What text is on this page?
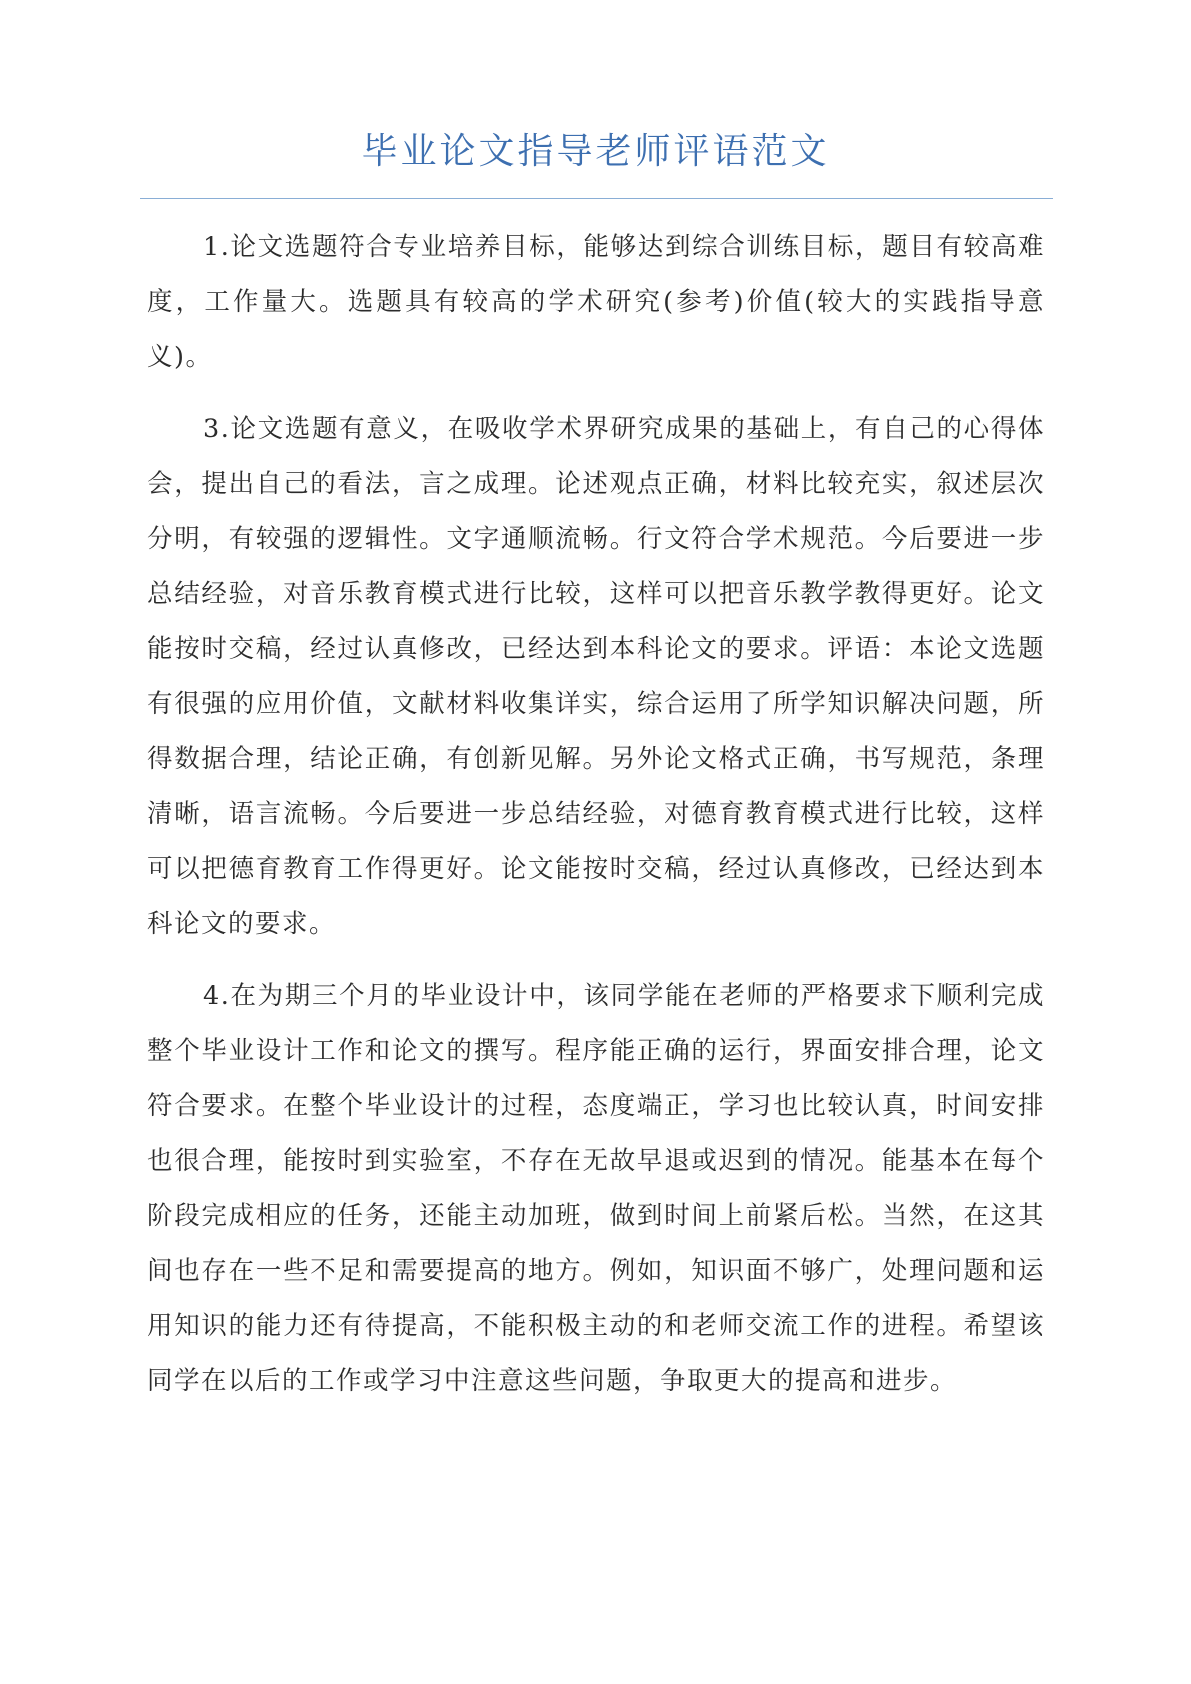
毕业论文指导老师评语范文

1.论文选题符合专业培养目标，能够达到综合训练目标，题目有较高难度，工作量大。选题具有较高的学术研究(参考)价值(较大的实践指导意义)。

3.论文选题有意义，在吸收学术界研究成果的基础上，有自己的心得体会，提出自己的看法，言之成理。论述观点正确，材料比较充实，叙述层次分明，有较强的逻辑性。文字通顺流畅。行文符合学术规范。今后要进一步总结经验，对音乐教育模式进行比较，这样可以把音乐教学教得更好。论文能按时交稿，经过认真修改，已经达到本科论文的要求。评语：本论文选题有很强的应用价值，文献材料收集详实，综合运用了所学知识解决问题，所得数据合理，结论正确，有创新见解。另外论文格式正确，书写规范，条理清晰，语言流畅。今后要进一步总结经验，对德育教育模式进行比较，这样可以把德育教育工作得更好。论文能按时交稿，经过认真修改，已经达到本科论文的要求。

4.在为期三个月的毕业设计中，该同学能在老师的严格要求下顺利完成整个毕业设计工作和论文的撰写。程序能正确的运行，界面安排合理，论文符合要求。在整个毕业设计的过程，态度端正，学习也比较认真，时间安排也很合理，能按时到实验室，不存在无故早退或迟到的情况。能基本在每个阶段完成相应的任务，还能主动加班，做到时间上前紧后松。当然，在这其间也存在一些不足和需要提高的地方。例如，知识面不够广，处理问题和运用知识的能力还有待提高，不能积极主动的和老师交流工作的进程。希望该同学在以后的工作或学习中注意这些问题，争取更大的提高和进步。
